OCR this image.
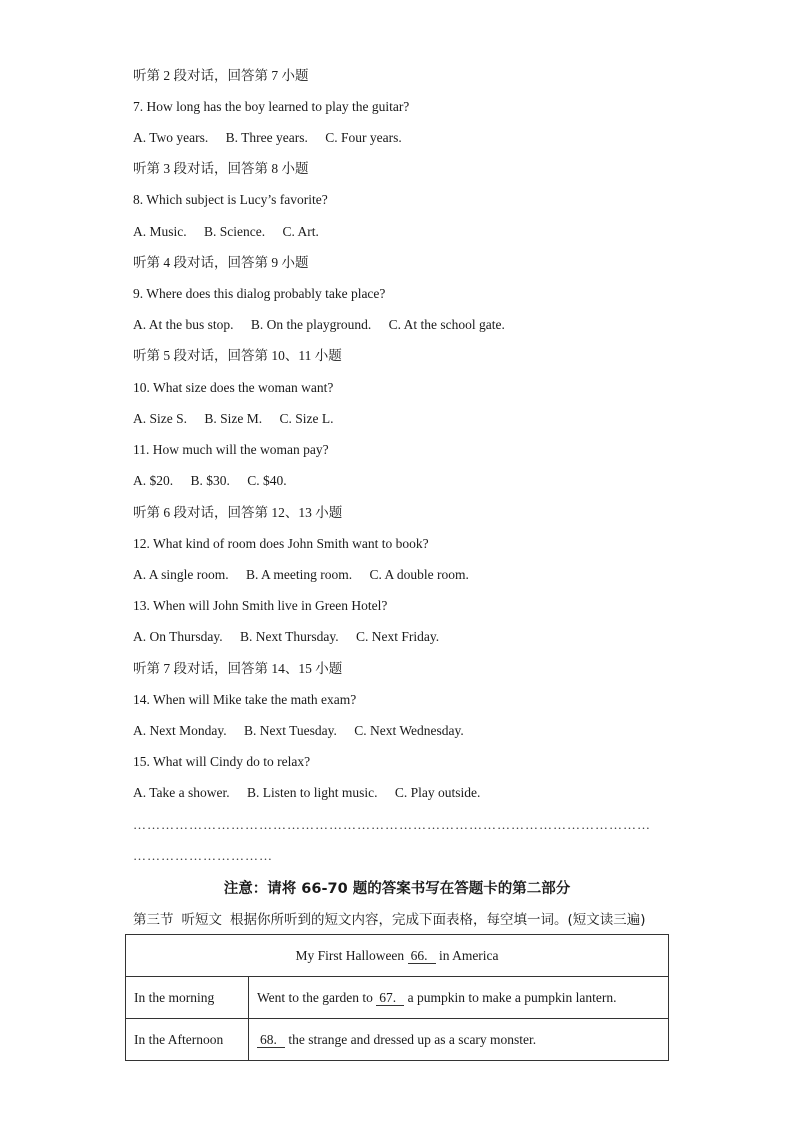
听第 2 段对话，回答第 7 小题
7. How long has the boy learned to play the guitar?
A. Two years. B. Three years. C. Four years.
听第 3 段对话，回答第 8 小题
8. Which subject is Lucy’s favorite?
A. Music. B. Science. C. Art.
听第 4 段对话，回答第 9 小题
9. Where does this dialog probably take place?
A. At the bus stop. B. On the playground. C. At the school gate.
听第 5 段对话，回答第 10、11 小题
10. What size does the woman want?
A. Size S. B. Size M. C. Size L.
11. How much will the woman pay?
A. $20. B. $30. C. $40.
听第 6 段对话，回答第 12、13 小题
12. What kind of room does John Smith want to book?
A. A single room. B. A meeting room. C. A double room.
13. When will John Smith live in Green Hotel?
A. On Thursday. B. Next Thursday. C. Next Friday.
听第 7 段对话，回答第 14、15 小题
14. When will Mike take the math exam?
A. Next Monday. B. Next Tuesday. C. Next Wednesday.
15. What will Cindy do to relax?
A. Take a shower. B. Listen to light music. C. Play outside.
…………………………………………………………………………………………………
…………………………
注意：请将 66-70 题的答案书写在答题卡的第二部分
第三节 听短文 根据你所听到的短文内容，完成下面表格，每空填一词。(短文读三遍)
My First Halloween 66. in America	
In the morning	Went to the garden to 67. a pumpkin to make a pumpkin lantern.
In the Afternoon	68. the strange and dressed up as a scary monster.
